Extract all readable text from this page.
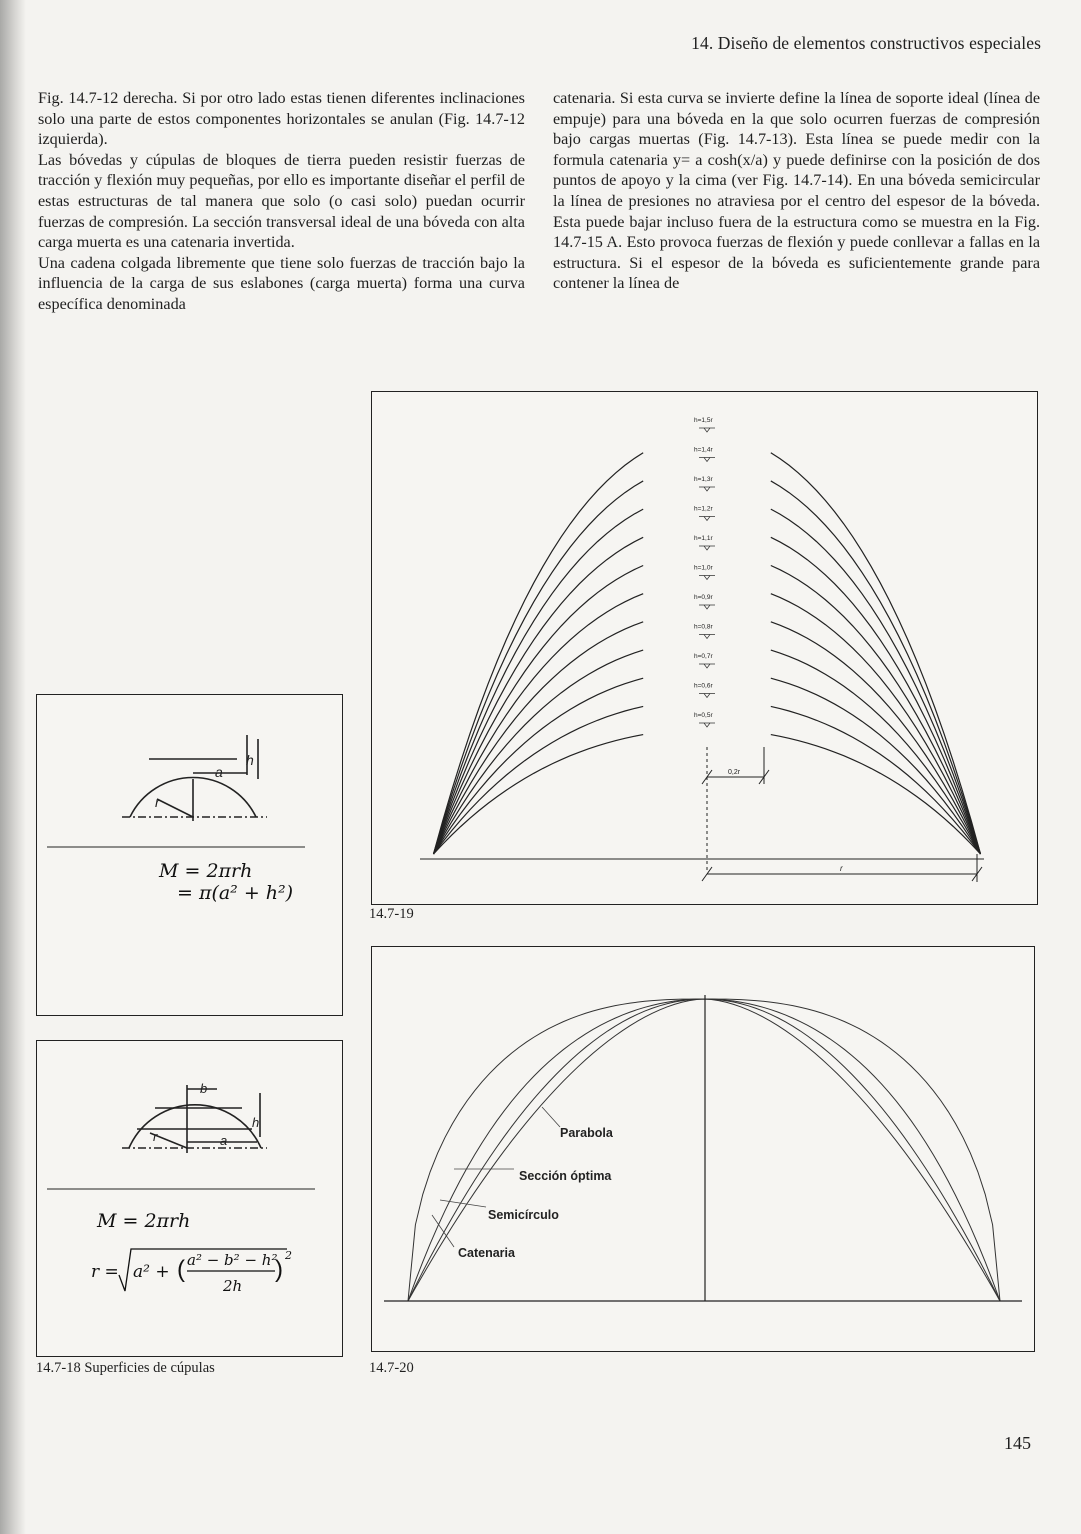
14. Diseño de elementos constructivos especiales

Fig. 14.7-12 derecha. Si por otro lado estas tienen diferentes inclinaciones solo una parte de estos componentes horizontales se anulan (Fig. 14.7-12 izquierda).

Las bóvedas y cúpulas de bloques de tierra pueden resistir fuerzas de tracción y flexión muy pequeñas, por ello es importante diseñar el perfil de estas estructuras de tal manera que solo (o casi solo) puedan ocurrir fuerzas de compresión. La sección transversal ideal de una bóveda con alta carga muerta es una catenaria invertida.

Una cadena colgada libremente que tiene solo fuerzas de tracción bajo la influencia de la carga de sus eslabones (carga muerta) forma una curva específica denominada

catenaria. Si esta curva se invierte define la línea de soporte ideal (línea de empuje) para una bóveda en la que solo ocurren fuerzas de compresión bajo cargas muertas (Fig. 14.7-13). Esta línea se puede medir con la formula catenaria y= a cosh(x/a) y puede definirse con la posición de dos puntos de apoyo y la cima (ver Fig. 14.7-14). En una bóveda semicircular la línea de presiones no atraviesa por el centro del espesor de la bóveda. Esta puede bajar incluso fuera de la estructura como se muestra en la Fig. 14.7-15 A. Esto provoca fuerzas de flexión y puede conllevar a fallas en la estructura. Si el espesor de la bóveda es suficientemente grande para contener la línea de

a
h
r
M = 2πrh
= π(a² + h²)
b
a
h
r
M = 2πrh
r = a² + ( a² − b² − h²
2h
)
2
14.7-18 Superficies de cúpulas
h=1,5r
h=1,4r
h=1,3r
h=1,2r
h=1,1r
h=1,0r
h=0,9r
h=0,8r
h=0,7r
h=0,6r
h=0,5r
0,2r
r
14.7-19
Parabola
Sección óptima
Semicírculo
Catenaria
14.7-20
145
